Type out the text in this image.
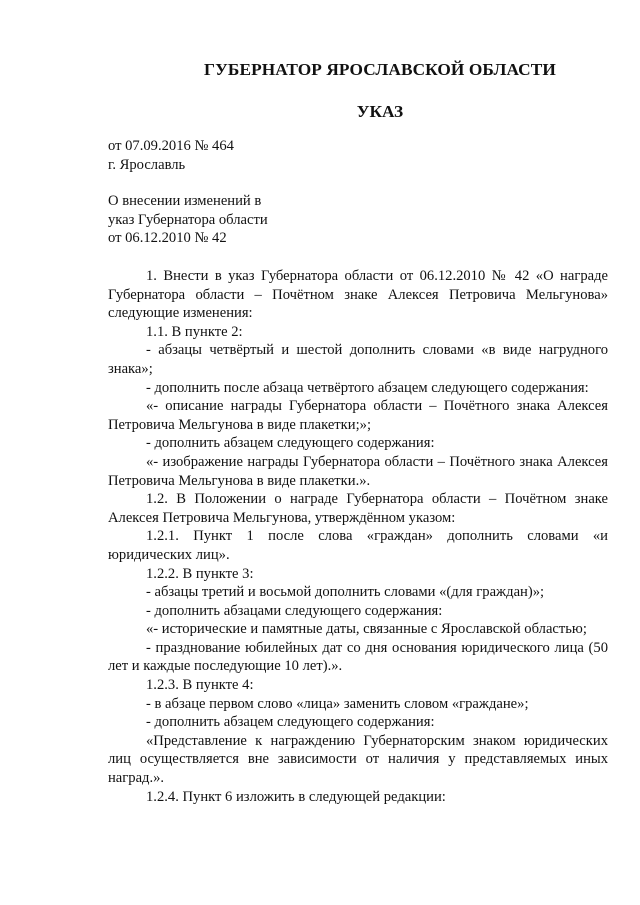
ГУБЕРНАТОР ЯРОСЛАВСКОЙ ОБЛАСТИ
УКАЗ
от 07.09.2016 № 464
г. Ярославль
О внесении изменений в
указ Губернатора области
от 06.12.2010 № 42

1. Внести в указ Губернатора области от 06.12.2010 № 42 «О награде Губернатора области – Почётном знаке Алексея Петровича Мельгунова» следующие изменения:

1.1. В пункте 2:

- абзацы четвёртый и шестой дополнить словами «в виде нагрудного знака»;

- дополнить после абзаца четвёртого абзацем следующего содержания:

«- описание награды Губернатора области – Почётного знака Алексея Петровича Мельгунова в виде плакетки;»;

- дополнить абзацем следующего содержания:

«- изображение награды Губернатора области – Почётного знака Алексея Петровича Мельгунова в виде плакетки.».

1.2. В Положении о награде Губернатора области – Почётном знаке Алексея Петровича Мельгунова, утверждённом указом:

1.2.1. Пункт 1 после слова «граждан» дополнить словами «и юридических лиц».

1.2.2. В пункте 3:

- абзацы третий и восьмой дополнить словами «(для граждан)»;

- дополнить абзацами следующего содержания:

«- исторические и памятные даты, связанные с Ярославской областью;

- празднование юбилейных дат со дня основания юридического лица (50 лет и каждые последующие 10 лет).».

1.2.3. В пункте 4:

- в абзаце первом слово «лица» заменить словом «граждане»;

- дополнить абзацем следующего содержания:

«Представление к награждению Губернаторским знаком юридических лиц осуществляется вне зависимости от наличия у представляемых иных наград.».

1.2.4. Пункт 6 изложить в следующей редакции:
